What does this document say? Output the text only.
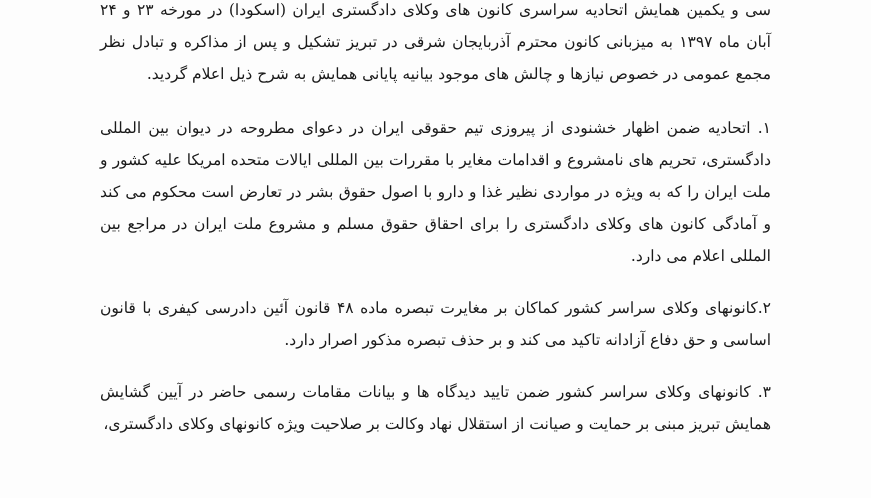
سی و یکمین همایش اتحادیه سراسری کانون های وکلای دادگستری ایران (اسکودا) در مورخه ۲۳ و ۲۴ آبان ماه ۱۳۹۷ به میزبانی کانون محترم آذربایجان شرقی در تبریز تشکیل و پس از مذاکره و تبادل نظر مجمع عمومی در خصوص نیازها و چالش های موجود بیانیه پایانی همایش به شرح ذیل اعلام گردید.

۱. اتحادیه ضمن اظهار خشنودی از پیروزی تیم حقوقی ایران در دعوای مطروحه در دیوان بین المللی دادگستری، تحریم های نامشروع و اقدامات مغایر با مقررات بین المللی ایالات متحده امریکا علیه کشور و ملت ایران را که به ویژه در مواردی نظیر غذا و دارو با اصول حقوق بشر در تعارض است محکوم می کند و آمادگی کانون های وکلای دادگستری را برای احقاق حقوق مسلم و مشروع ملت ایران در مراجع بین المللی اعلام می دارد.

۲.کانونهای وکلای سراسر کشور کماکان بر مغایرت تبصره ماده ۴۸ قانون آئین دادرسی کیفری با قانون اساسی و حق دفاع آزادانه تاکید می کند و بر حذف تبصره مذکور اصرار دارد.

۳. کانونهای وکلای سراسر کشور ضمن تایید دیدگاه ها و بیانات مقامات رسمی حاضر در آیین گشایش همایش تبریز مبنی بر حمایت و صیانت از استقلال نهاد وکالت بر صلاحیت ویژه کانونهای وکلای دادگستری،
